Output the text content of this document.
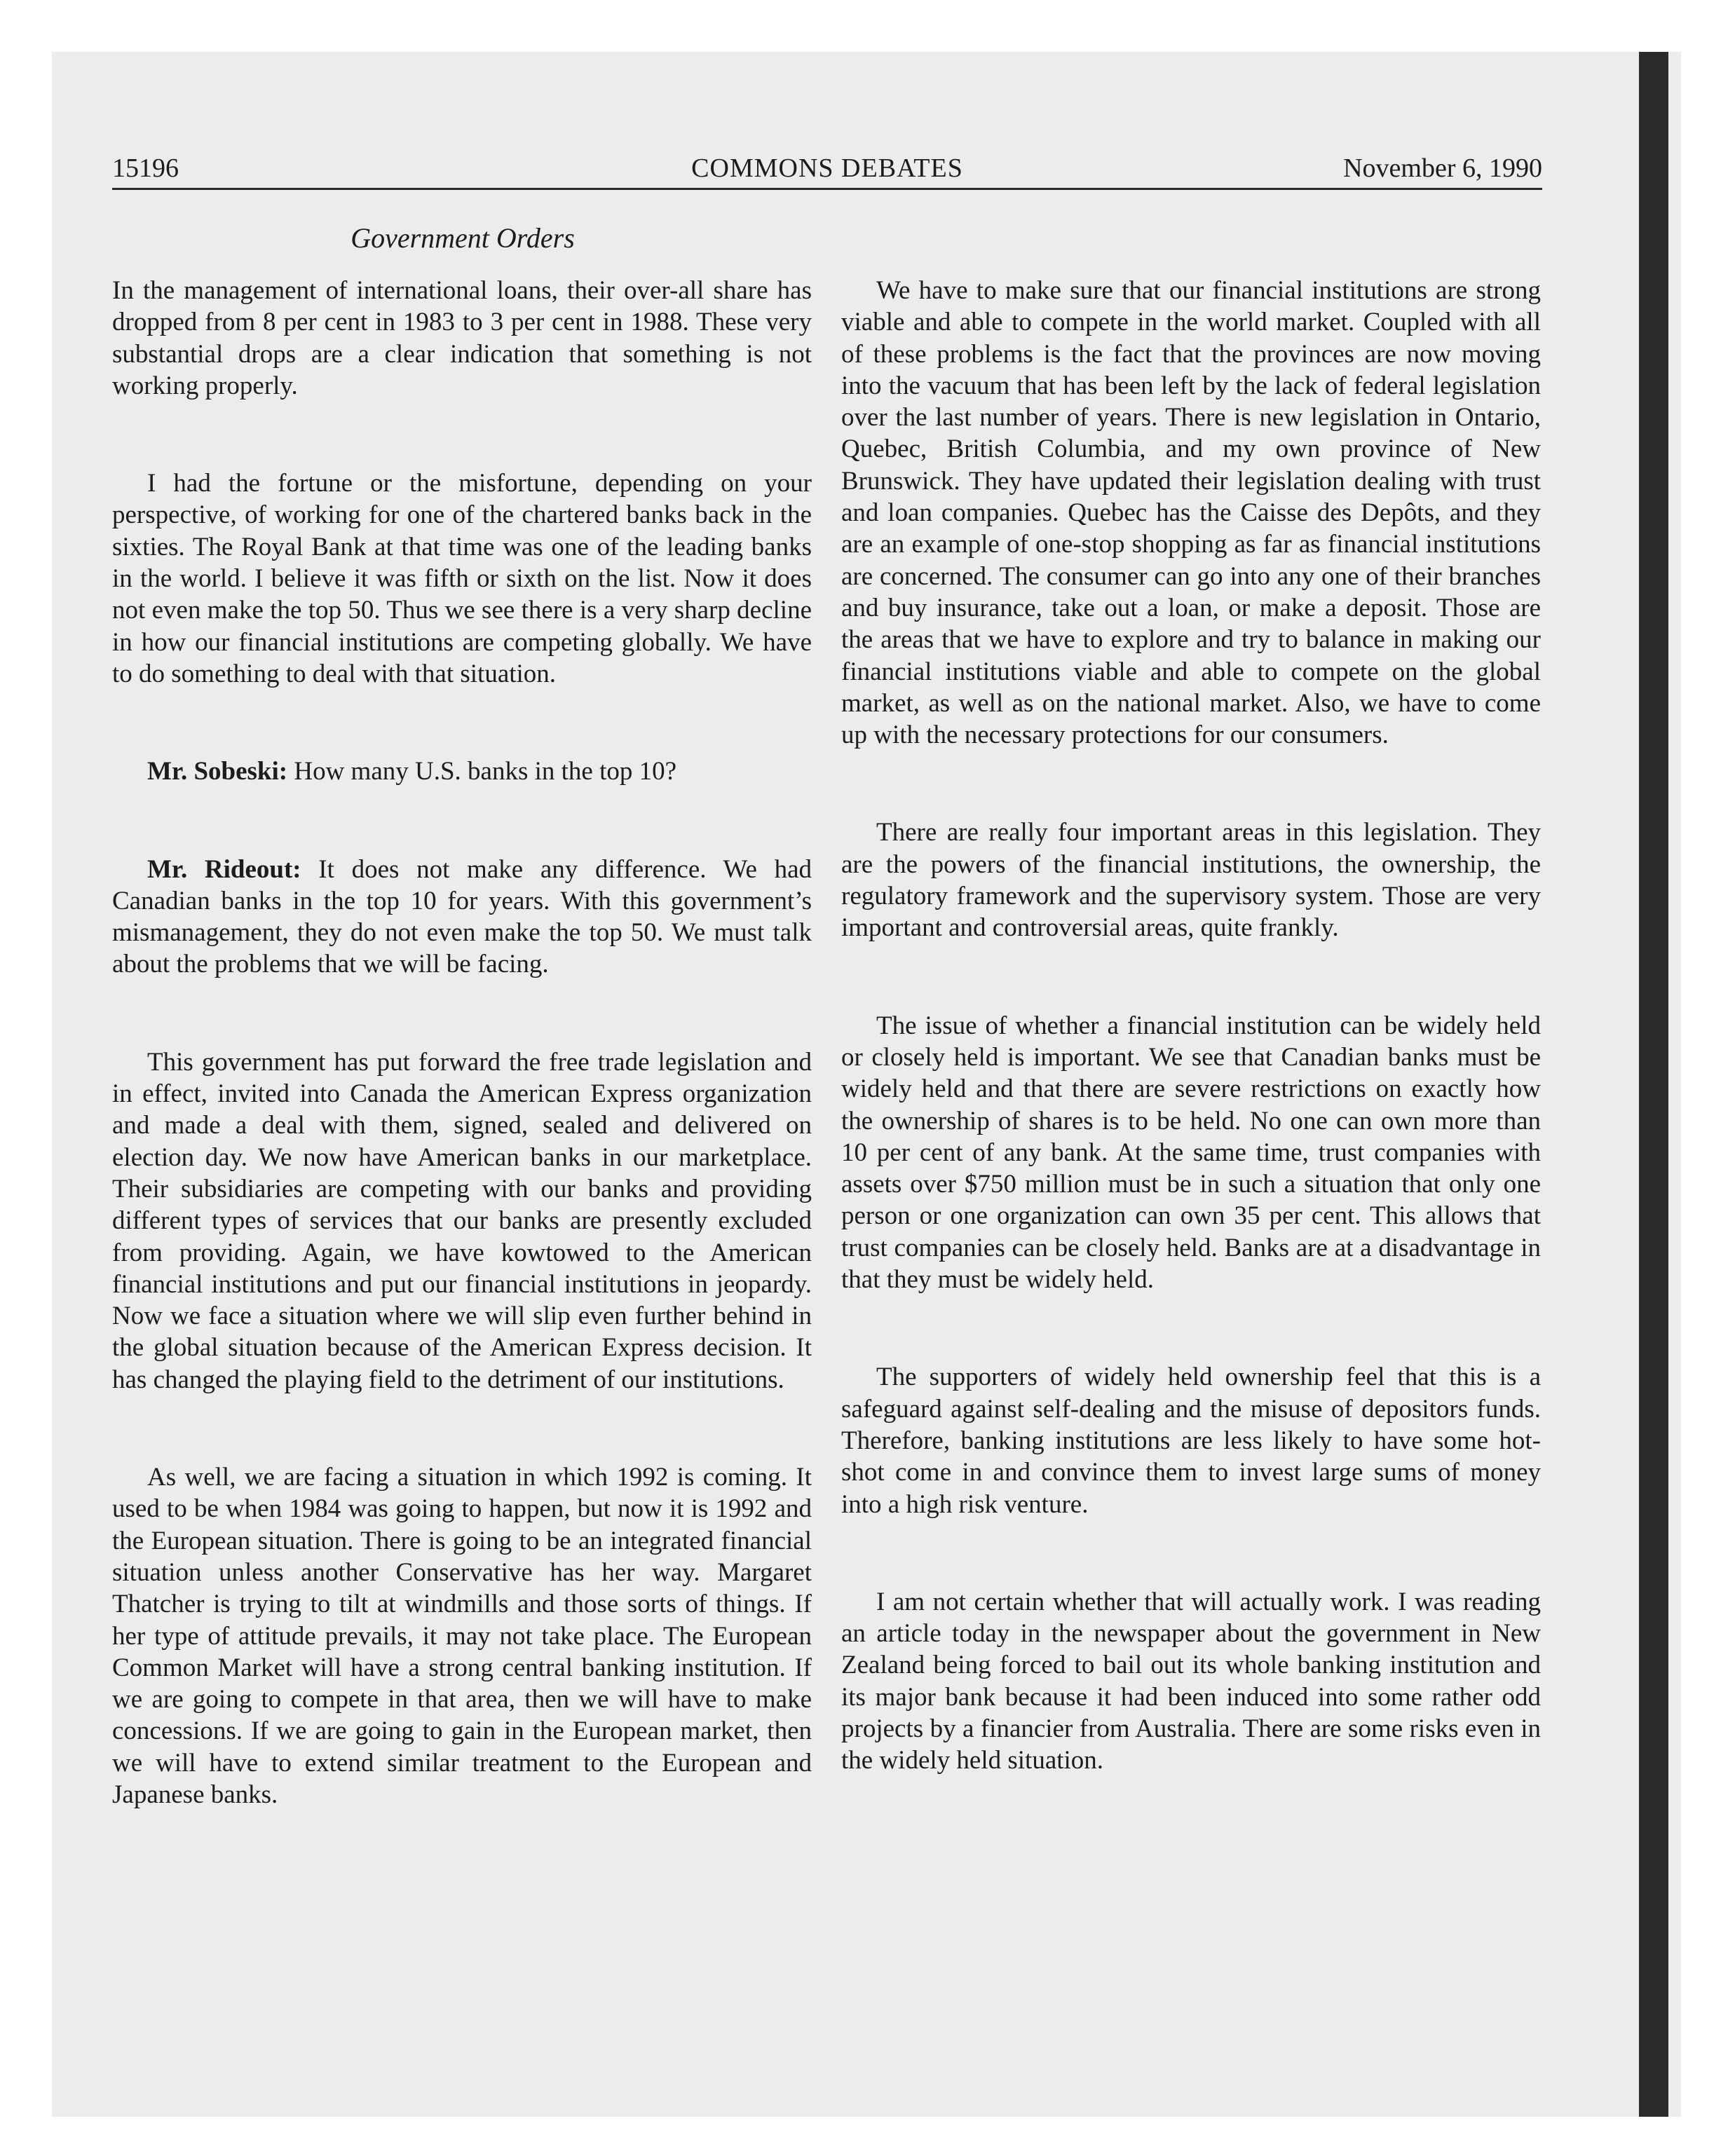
15196	COMMONS DEBATES	November 6, 1990
Government Orders

In the management of international loans, their over-all share has dropped from 8 per cent in 1983 to 3 per cent in 1988. These very substantial drops are a clear indication that something is not working properly.

I had the fortune or the misfortune, depending on your perspective, of working for one of the chartered banks back in the sixties. The Royal Bank at that time was one of the leading banks in the world. I believe it was fifth or sixth on the list. Now it does not even make the top 50. Thus we see there is a very sharp decline in how our financial institutions are competing globally. We have to do something to deal with that situation.

Mr. Sobeski: How many U.S. banks in the top 10?

Mr. Rideout: It does not make any difference. We had Canadian banks in the top 10 for years. With this government’s mismanagement, they do not even make the top 50. We must talk about the problems that we will be facing.

This government has put forward the free trade legislation and in effect, invited into Canada the American Express organization and made a deal with them, signed, sealed and delivered on election day. We now have American banks in our marketplace. Their subsidiaries are competing with our banks and providing different types of services that our banks are presently excluded from providing. Again, we have kowtowed to the American financial institutions and put our financial institutions in jeopardy. Now we face a situation where we will slip even further behind in the global situation because of the American Express decision. It has changed the playing field to the detriment of our institutions.

As well, we are facing a situation in which 1992 is coming. It used to be when 1984 was going to happen, but now it is 1992 and the European situation. There is going to be an integrated financial situation unless another Conservative has her way. Margaret Thatcher is trying to tilt at windmills and those sorts of things. If her type of attitude prevails, it may not take place. The European Common Market will have a strong central banking institution. If we are going to compete in that area, then we will have to make concessions. If we are going to gain in the European market, then we will have to extend similar treatment to the European and Japanese banks.

We have to make sure that our financial institutions are strong viable and able to compete in the world market. Coupled with all of these problems is the fact that the provinces are now moving into the vacuum that has been left by the lack of federal legislation over the last number of years. There is new legislation in Ontario, Quebec, British Columbia, and my own province of New Brunswick. They have updated their legislation dealing with trust and loan companies. Quebec has the Caisse des Depôts, and they are an example of one-stop shopping as far as financial institutions are concerned. The consumer can go into any one of their branches and buy insurance, take out a loan, or make a deposit. Those are the areas that we have to explore and try to balance in making our financial institutions viable and able to compete on the global market, as well as on the national market. Also, we have to come up with the necessary protections for our consumers.

There are really four important areas in this legislation. They are the powers of the financial institutions, the ownership, the regulatory framework and the supervisory system. Those are very important and controversial areas, quite frankly.

The issue of whether a financial institution can be widely held or closely held is important. We see that Canadian banks must be widely held and that there are severe restrictions on exactly how the ownership of shares is to be held. No one can own more than 10 per cent of any bank. At the same time, trust companies with assets over $750 million must be in such a situation that only one person or one organization can own 35 per cent. This allows that trust companies can be closely held. Banks are at a disadvantage in that they must be widely held.

The supporters of widely held ownership feel that this is a safeguard against self-dealing and the misuse of depositors funds. Therefore, banking institutions are less likely to have some hot-shot come in and convince them to invest large sums of money into a high risk venture.

I am not certain whether that will actually work. I was reading an article today in the newspaper about the government in New Zealand being forced to bail out its whole banking institution and its major bank because it had been induced into some rather odd projects by a financier from Australia. There are some risks even in the widely held situation.
